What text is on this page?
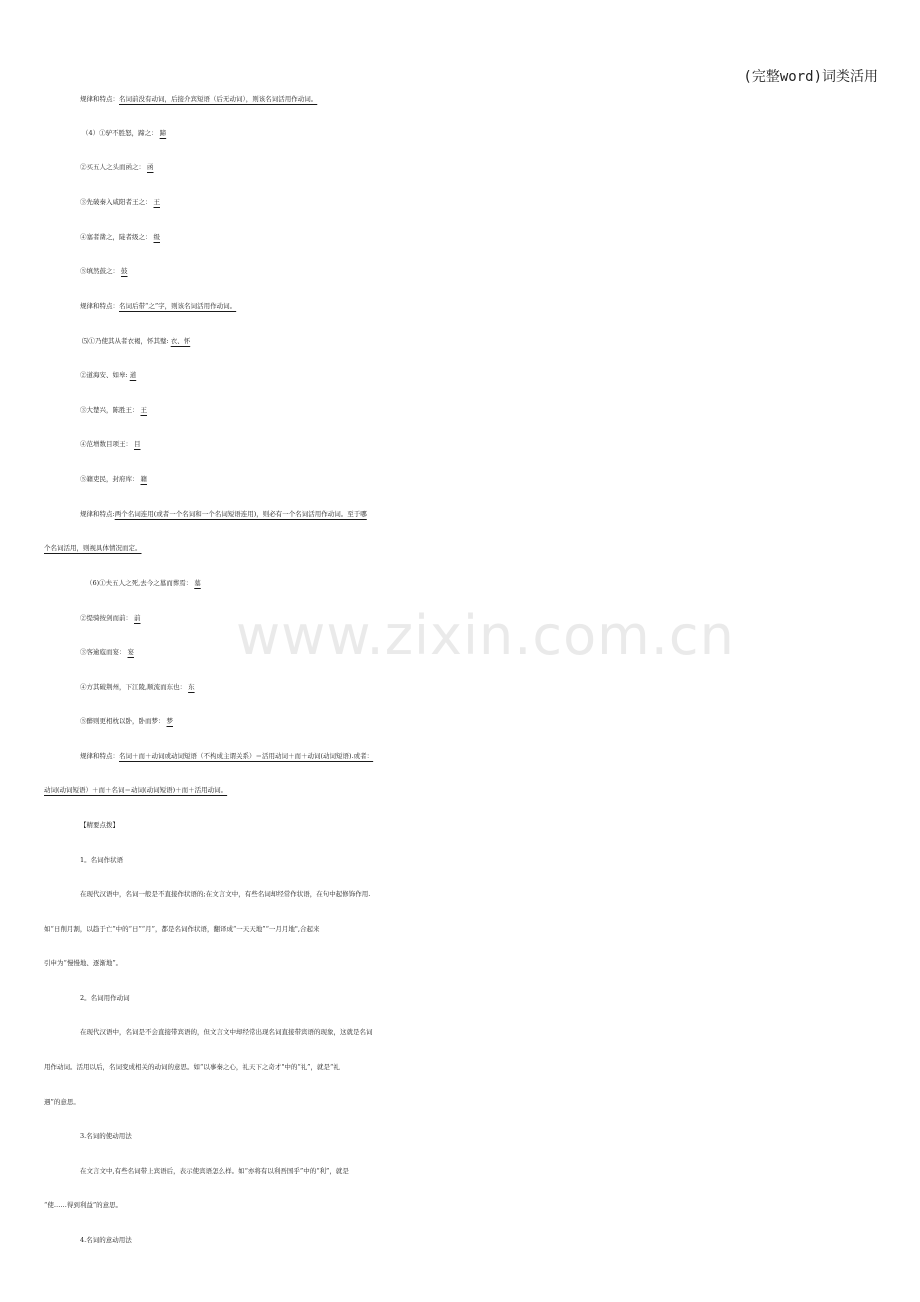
(完整word)词类活用
www.zixin.com.cn
规律和特点：名词前没有动词，后接介宾短语（后无动词），则该名词活用作动词。
（4）①驴不胜怒，蹄之： 蹄
②买五人之头而函之： 函
③先破秦入咸阳者王之： 王
④塞者凿之，陡者级之： 级
⑤填然鼓之： 鼓
规律和特点：名词后带“之”字，则该名词活用作动词。
⑸①乃使其从者衣褐，怀其璧: 衣、怀
②道海安、如皋: 道
③大楚兴，陈胜王： 王
④范增数目项王： 目
⑤籍吏民，封府库： 籍
规律和特点:两个名词连用(或者一个名词和一个名词短语连用)，则必有一个名词活用作动词。至于哪
个名词活用，则视具体情况而定。
（6)①夫五人之死,去今之墓而葬焉： 墓
②缇骑按剑而前： 前
③客逾庖而宴： 宴
④方其破荆州，下江陵,顺流而东也： 东
⑤醉则更相枕以卧，卧而梦： 梦
规律和特点：名词＋而＋动词或动词短语（不构成主谓关系）＝活用动词＋而＋动词(动词短语).或者：
动词(动词短语）＋而＋名词＝动词(动词短语)＋而＋活用动词。
【精要点拨】
1。名词作状语
在现代汉语中，名词一般是不直接作状语的;在文言文中，有些名词却经常作状语，在句中起修饰作用.
如“日削月割，以趋于亡”中的“日”“月”，都是名词作状语，翻译成“一天天地”“一月月地",合起来
引申为“慢慢地、逐渐地”。
2。名词用作动词
在现代汉语中，名词是不会直接带宾语的，但文言文中却经常出现名词直接带宾语的现象，这就是名词
用作动词。活用以后，名词变成相关的动词的意思。如“以事秦之心，礼天下之奇才"中的“礼”，就是“礼
遇”的意思。
3.名词的使动用法
在文言文中,有些名词带上宾语后，表示使宾语怎么样。如“亦将有以利吾国乎”中的“利”，就是
“使……得到利益”的意思。
4.名词的意动用法
